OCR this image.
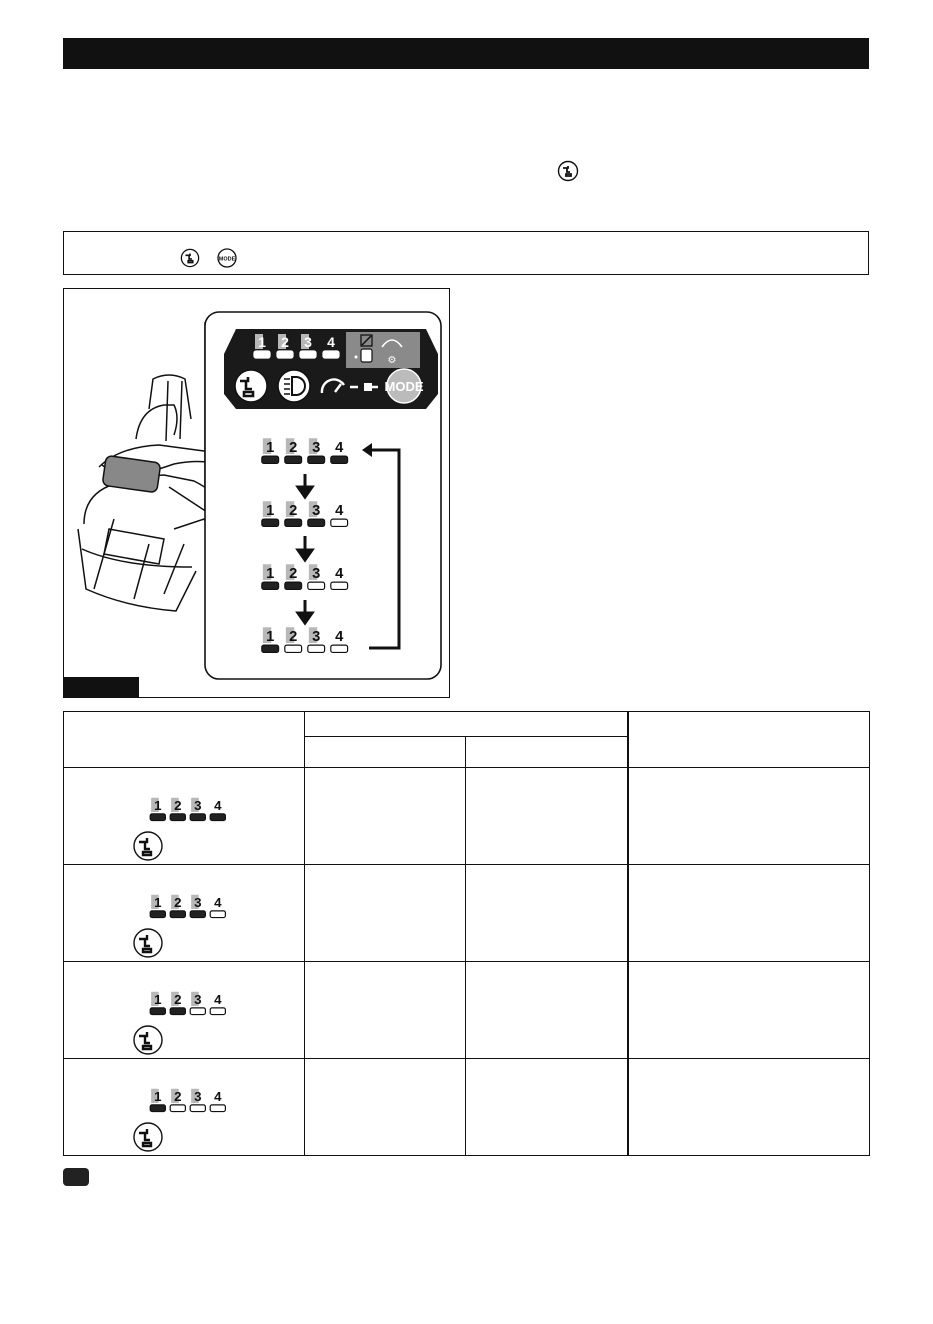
MODE
1 2 3 4
⚙
MODE
1 2 3 4
1 2 3 4
1 2 3 4
1 2 3 4

1 2 3 4			

1 2 3 4			

1 2 3 4			

1 2 3 4			
